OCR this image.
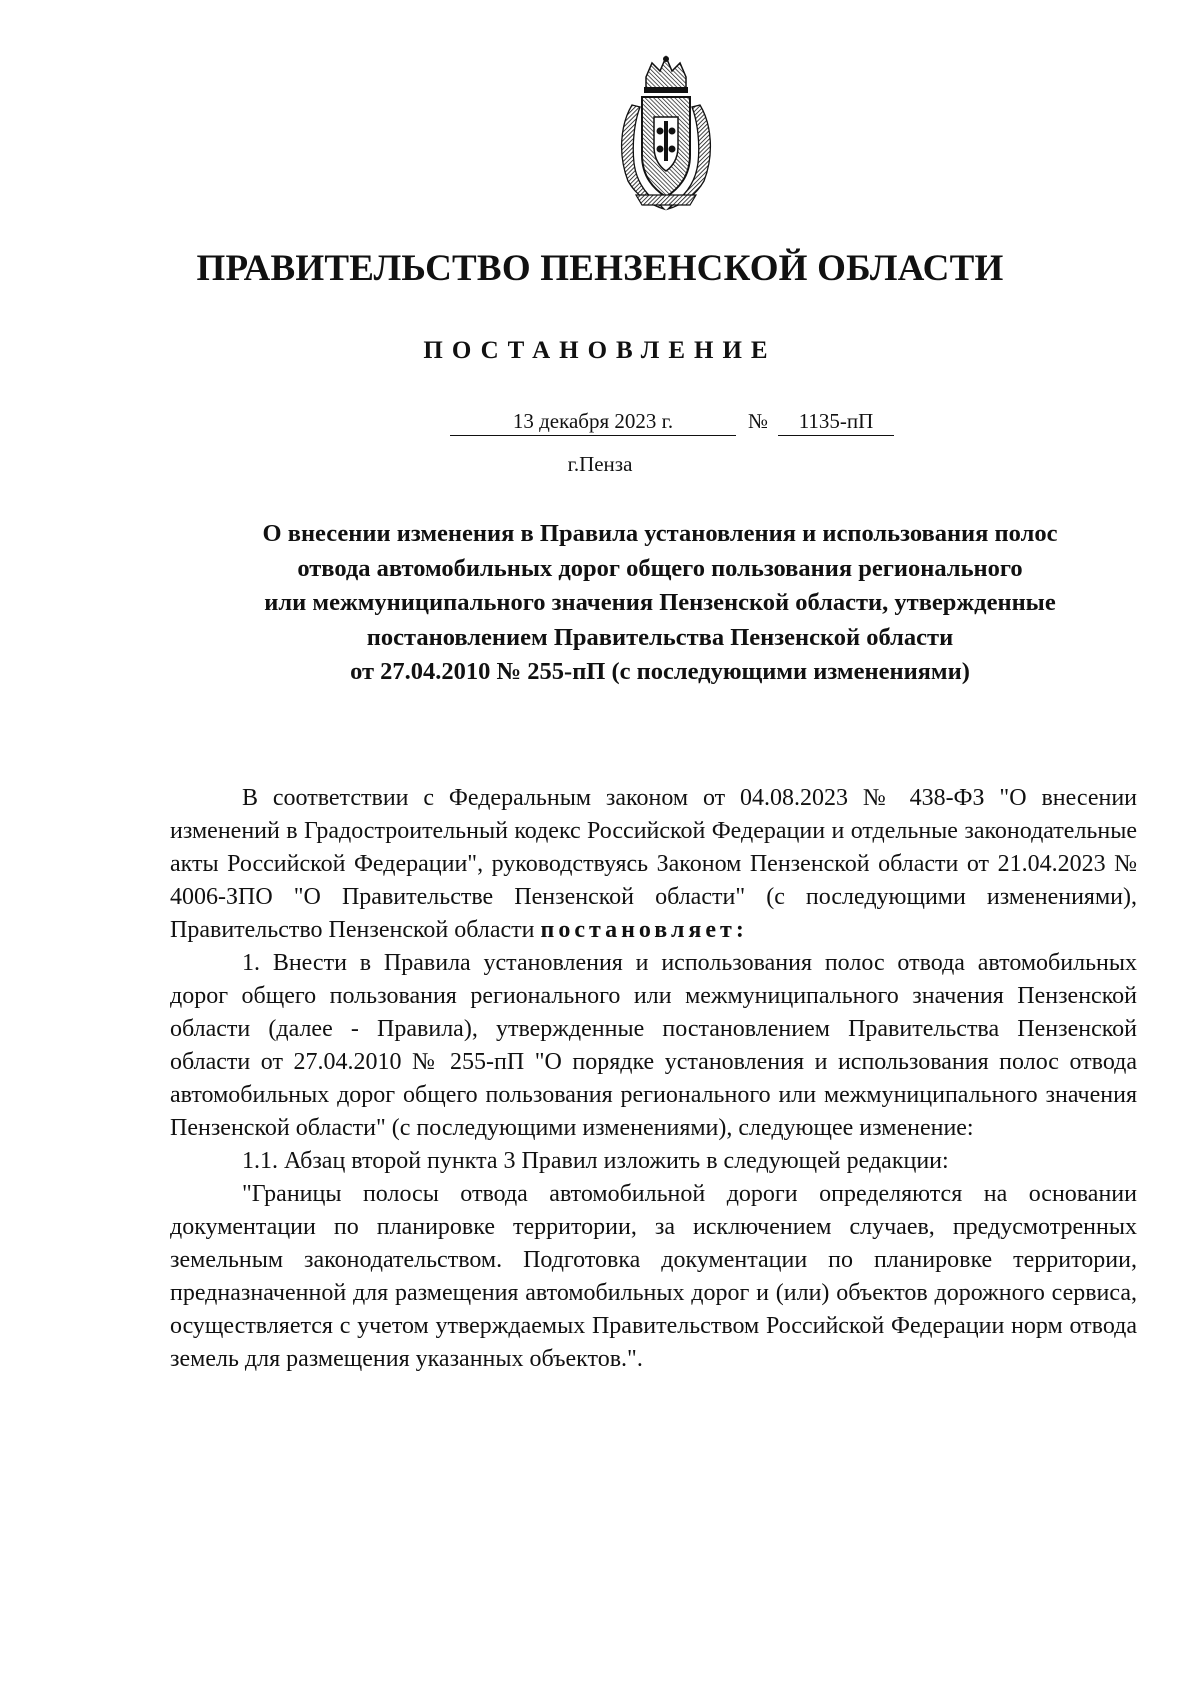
ПРАВИТЕЛЬСТВО ПЕНЗЕНСКОЙ ОБЛАСТИ
ПОСТАНОВЛЕНИЕ
13 декабря 2023 г.	№	1135-пП
г.Пенза
О внесении изменения в Правила установления и использования полос
отвода автомобильных дорог общего пользования регионального
или межмуниципального значения Пензенской области, утвержденные
постановлением Правительства Пензенской области
от 27.04.2010 № 255-пП (с последующими изменениями)

В соответствии с Федеральным законом от 04.08.2023 № 438-ФЗ "О внесении изменений в Градостроительный кодекс Российской Федерации и отдельные законодательные акты Российской Федерации", руководствуясь Законом Пензенской области от 21.04.2023 № 4006-ЗПО "О Правительстве Пензенской области" (с последующими изменениями), Правительство Пензенской области постановляет:

1. Внести в Правила установления и использования полос отвода автомобильных дорог общего пользования регионального или межмуниципального значения Пензенской области (далее - Правила), утвержденные постановлением Правительства Пензенской области от 27.04.2010 № 255-пП "О порядке установления и использования полос отвода автомобильных дорог общего пользования регионального или межмуниципального значения Пензенской области" (с последующими изменениями), следующее изменение:

1.1. Абзац второй пункта 3 Правил изложить в следующей редакции:

"Границы полосы отвода автомобильной дороги определяются на основании документации по планировке территории, за исключением случаев, предусмотренных земельным законодательством. Подготовка документации по планировке территории, предназначенной для размещения автомобильных дорог и (или) объектов дорожного сервиса, осуществляется с учетом утверждаемых Правительством Российской Федерации норм отвода земель для размещения указанных объектов.".
